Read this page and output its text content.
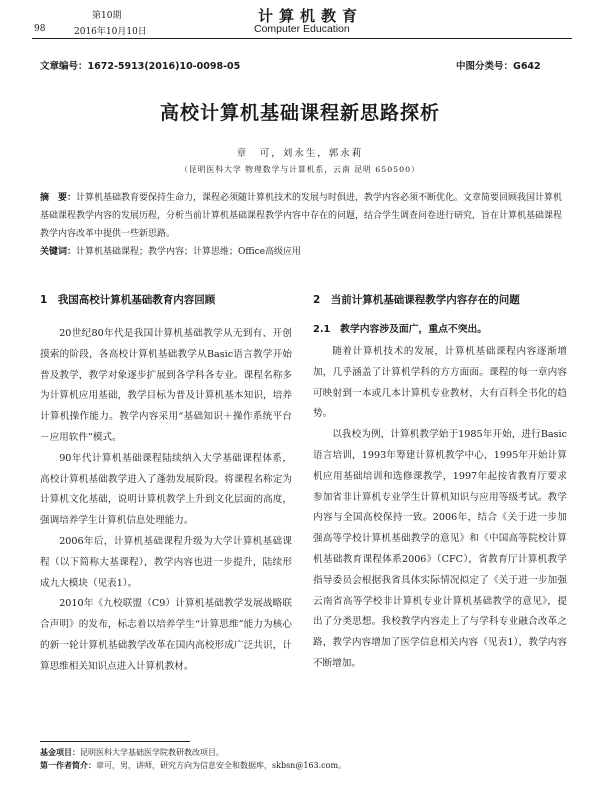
第10期
98	2016年10月10日
计算机教育
Computer Education
文章编号：1672-5913(2016)10-0098-05	中图分类号：G642
高校计算机基础课程新思路探析
章　可，刘永生，郭永莉
（昆明医科大学 物理数学与计算机系，云南 昆明 650500）
摘　要：计算机基础教育要保持生命力，课程必须随计算机技术的发展与时俱进，教学内容必须不断优化。文章简要回顾我国计算机基础课程教学内容的发展历程，分析当前计算机基础课程教学内容中存在的问题，结合学生调查问卷进行研究，旨在计算机基础课程教学内容改革中提供一些新思路。
关键词：计算机基础课程；教学内容；计算思维；Office高级应用
1　我国高校计算机基础教育内容回顾

20世纪80年代是我国计算机基础教学从无到有、开创摸索的阶段，各高校计算机基础教学从Basic语言教学开始普及教学，教学对象逐步扩展到各学科各专业。课程名称多为计算机应用基础，教学目标为普及计算机基本知识，培养计算机操作能力。教学内容采用“基础知识＋操作系统平台－应用软件”模式。

90年代计算机基础课程陆续纳入大学基础课程体系，高校计算机基础教学进入了蓬勃发展阶段。将课程名称定为计算机文化基础，说明计算机教学上升到文化层面的高度，强调培养学生计算机信息处理能力。

2006年后，计算机基础课程升级为大学计算机基础课程（以下简称大基课程），教学内容也进一步提升，陆续形成九大模块（见表1）。

2010年《九校联盟（C9）计算机基础教学发展战略联合声明》的发布，标志着以培养学生“计算思维”能力为核心的新一轮计算机基础教学改革在国内高校形成广泛共识，计算思维相关知识点进入计算机教材。

2　当前计算机基础课程教学内容存在的问题
2.1　教学内容涉及面广，重点不突出。

随着计算机技术的发展，计算机基础课程内容逐渐增加，几乎涵盖了计算机学科的方方面面。课程的每一章内容可映射到一本或几本计算机专业教材，大有百科全书化的趋势。

以我校为例，计算机教学始于1985年开始，进行Basic语言培训，1993年筹建计算机教学中心，1995年开始计算机应用基础培训和选修课教学，1997年起按省教育厅要求参加省非计算机专业学生计算机知识与应用等级考试。教学内容与全国高校保持一致。2006年，结合《关于进一步加强高等学校计算机基础教学的意见》和《中国高等院校计算机基础教育课程体系2006》（CFC），省教育厅计算机教学指导委员会根据我省具体实际情况拟定了《关于进一步加强云南省高等学校非计算机专业计算机基础教学的意见》，提出了分类思想。我校教学内容走上了与学科专业融合改革之路，教学内容增加了医学信息相关内容（见表1），教学内容不断增加。

基金项目：昆明医科大学基础医学院教研教改项目。
第一作者简介：章可，男，讲师，研究方向为信息安全和数据库，skbsn@163.com。
